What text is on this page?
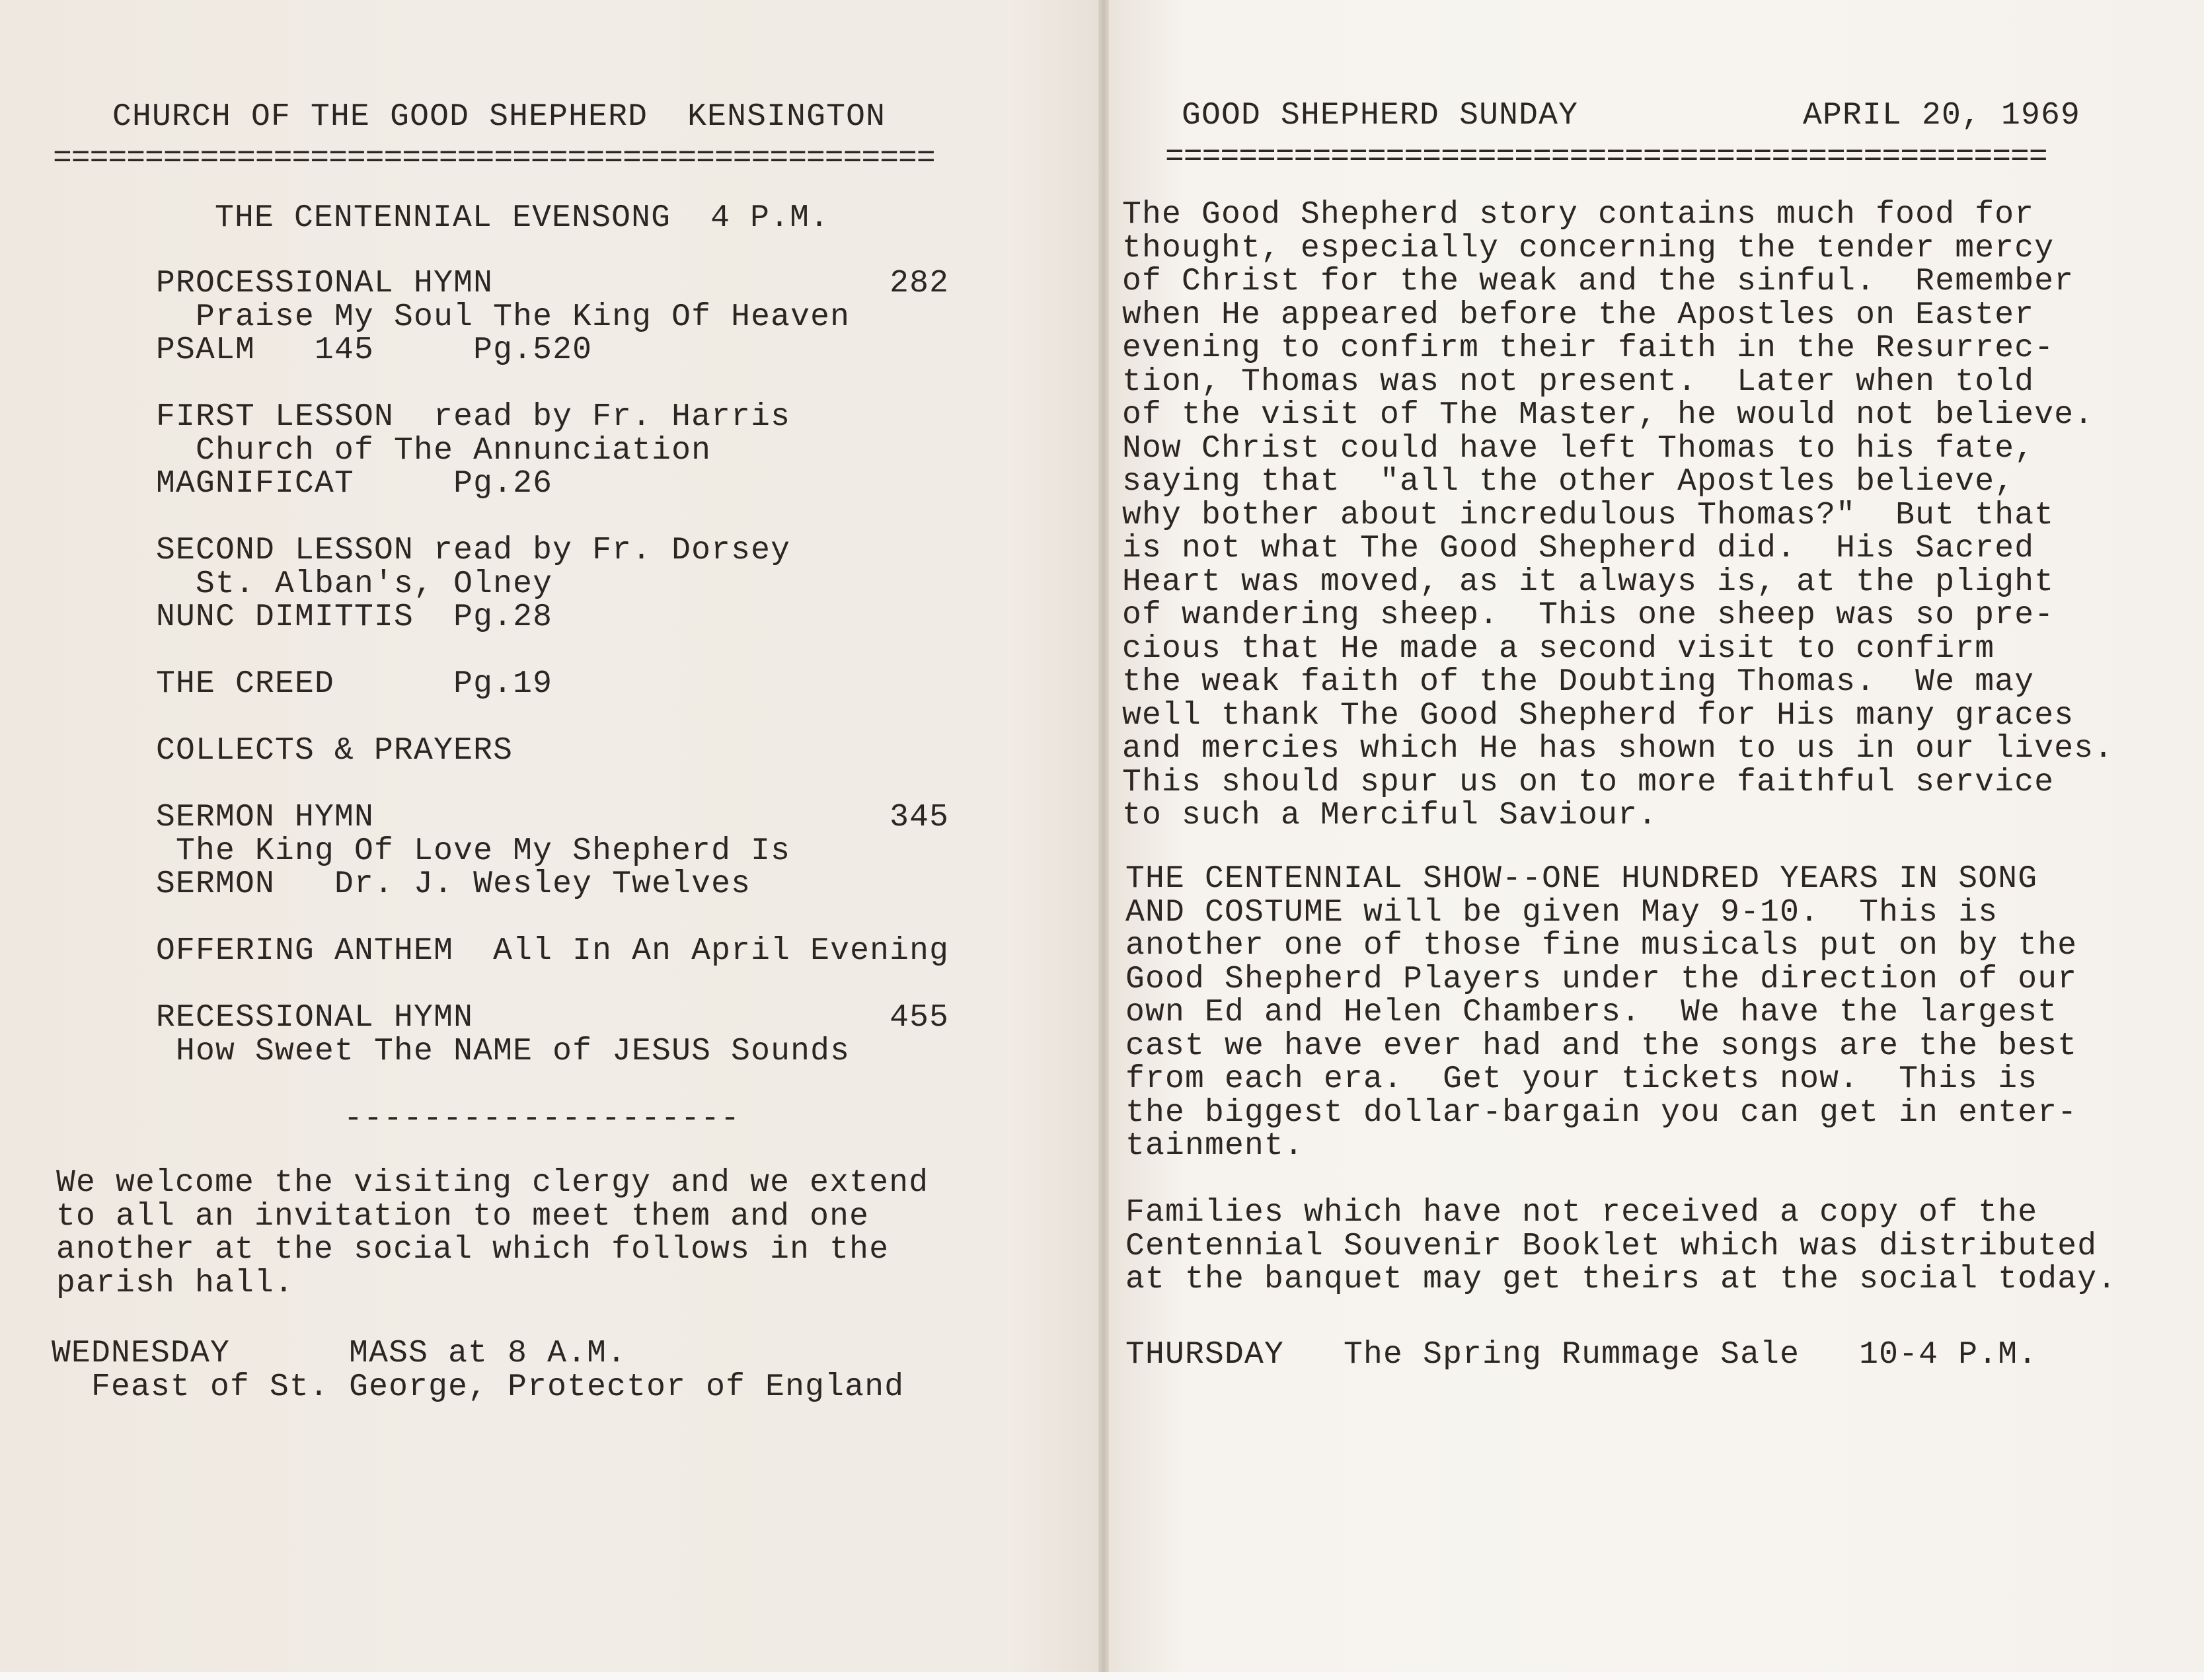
CHURCH OF THE GOOD SHEPHERD  KENSINGTON

================================================

THE CENTENNIAL EVENSONG  4 P.M.

PROCESSIONAL HYMN                    282
Praise My Soul The King Of Heaven
PSALM   145     Pg.520

FIRST LESSON  read by Fr. Harris
Church of The Annunciation
MAGNIFICAT     Pg.26

SECOND LESSON read by Fr. Dorsey
St. Alban's, Olney
NUNC DIMITTIS  Pg.28

THE CREED      Pg.19

COLLECTS & PRAYERS

SERMON HYMN                          345
The King Of Love My Shepherd Is
SERMON   Dr. J. Wesley Twelves

OFFERING ANTHEM  All In An April Evening

RECESSIONAL HYMN                     455
How Sweet The NAME of JESUS Sounds

--------------------

We welcome the visiting clergy and we extend
to all an invitation to meet them and one
another at the social which follows in the
parish hall.

WEDNESDAY      MASS at 8 A.M.
Feast of St. George, Protector of England

GOOD SHEPHERD SUNDAY	APRIL 20, 1969

================================================

The Good Shepherd story contains much food for
thought, especially concerning the tender mercy
of Christ for the weak and the sinful.  Remember
when He appeared before the Apostles on Easter
evening to confirm their faith in the Resurrec-
tion, Thomas was not present.  Later when told
of the visit of The Master, he would not believe.
Now Christ could have left Thomas to his fate,
saying that  "all the other Apostles believe,
why bother about incredulous Thomas?"  But that
is not what The Good Shepherd did.  His Sacred
Heart was moved, as it always is, at the plight
of wandering sheep.  This one sheep was so pre-
cious that He made a second visit to confirm
the weak faith of the Doubting Thomas.  We may
well thank The Good Shepherd for His many graces
and mercies which He has shown to us in our lives.
This should spur us on to more faithful service
to such a Merciful Saviour.

THE CENTENNIAL SHOW--ONE HUNDRED YEARS IN SONG
AND COSTUME will be given May 9-10.  This is
another one of those fine musicals put on by the
Good Shepherd Players under the direction of our
own Ed and Helen Chambers.  We have the largest
cast we have ever had and the songs are the best
from each era.  Get your tickets now.  This is
the biggest dollar-bargain you can get in enter-
tainment.

Families which have not received a copy of the
Centennial Souvenir Booklet which was distributed
at the banquet may get theirs at the social today.

THURSDAY   The Spring Rummage Sale   10-4 P.M.
